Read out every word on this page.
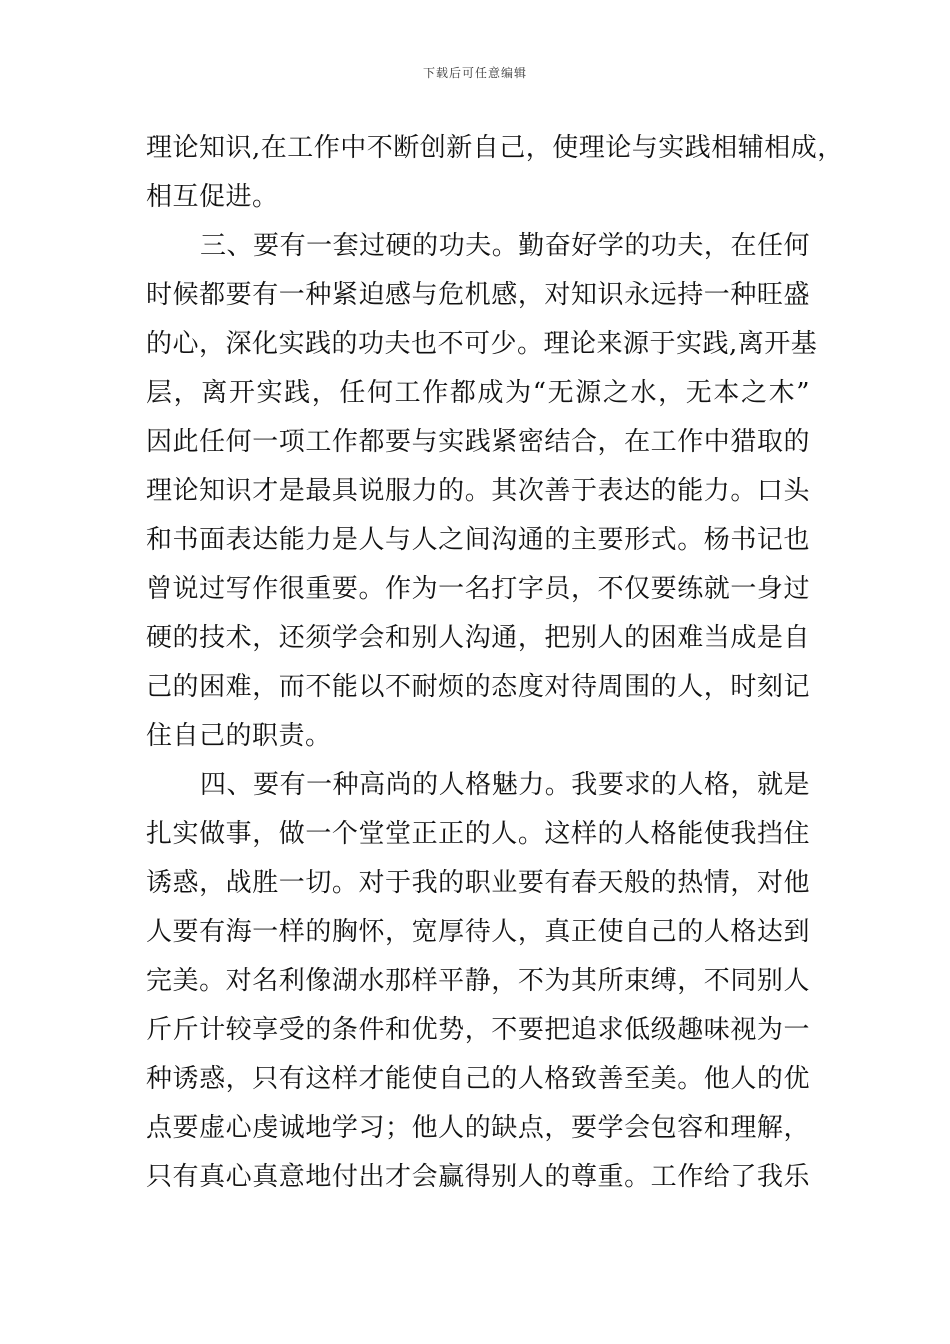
下载后可任意编辑
理论知识,在工作中不断创新自己，使理论与实践相辅相成，
相互促进。
三、要有一套过硬的功夫。勤奋好学的功夫，在任何
时候都要有一种紧迫感与危机感，对知识永远持一种旺盛
的心，深化实践的功夫也不可少。理论来源于实践,离开基
层，离开实践，任何工作都成为“无源之水，无本之木”
因此任何一项工作都要与实践紧密结合，在工作中猎取的
理论知识才是最具说服力的。其次善于表达的能力。口头
和书面表达能力是人与人之间沟通的主要形式。杨书记也
曾说过写作很重要。作为一名打字员，不仅要练就一身过
硬的技术，还须学会和别人沟通，把别人的困难当成是自
己的困难，而不能以不耐烦的态度对待周围的人，时刻记
住自己的职责。
四、要有一种高尚的人格魅力。我要求的人格，就是
扎实做事，做一个堂堂正正的人。这样的人格能使我挡住
诱惑，战胜一切。对于我的职业要有春天般的热情，对他
人要有海一样的胸怀，宽厚待人，真正使自己的人格达到
完美。对名利像湖水那样平静，不为其所束缚，不同别人
斤斤计较享受的条件和优势，不要把追求低级趣味视为一
种诱惑，只有这样才能使自己的人格致善至美。他人的优
点要虚心虔诚地学习；他人的缺点，要学会包容和理解，
只有真心真意地付出才会赢得别人的尊重。工作给了我乐
